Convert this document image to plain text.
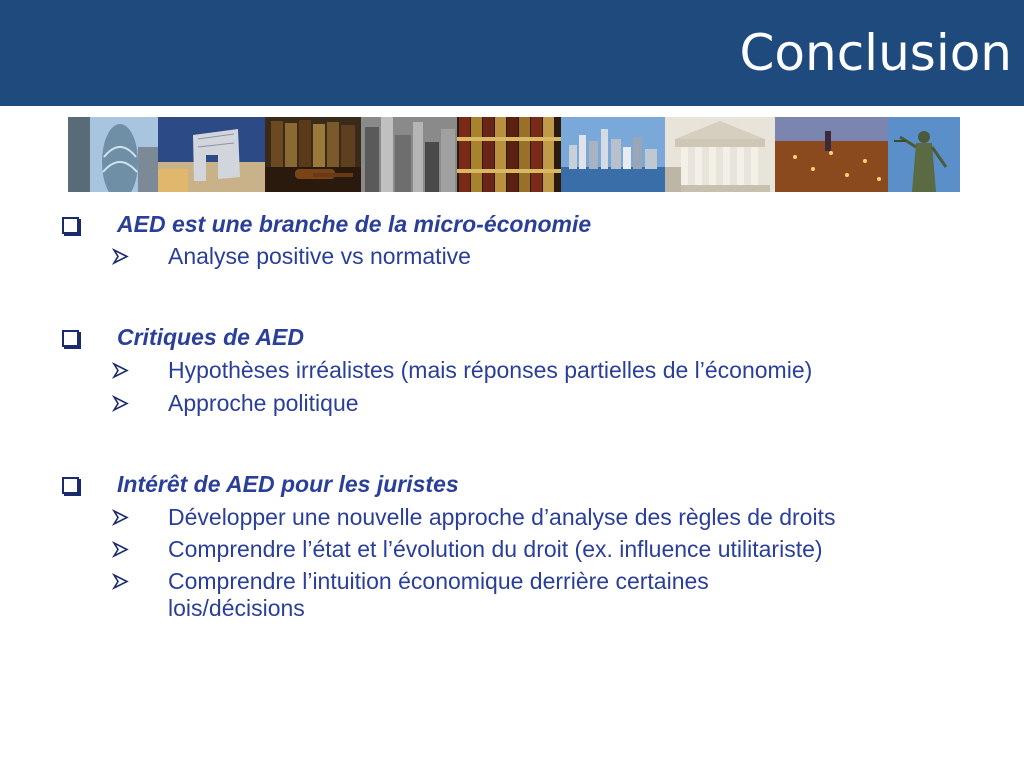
Conclusion
AED est une branche de la micro-économie
Analyse positive vs normative
Critiques de AED
Hypothèses irréalistes (mais réponses partielles de l’économie)
Approche politique
Intérêt de AED pour les juristes
Développer une nouvelle approche d’analyse des règles de droits
Comprendre l’état et l’évolution du droit (ex. influence utilitariste)
Comprendre l’intuition économique derrière certaines
lois/décisions
